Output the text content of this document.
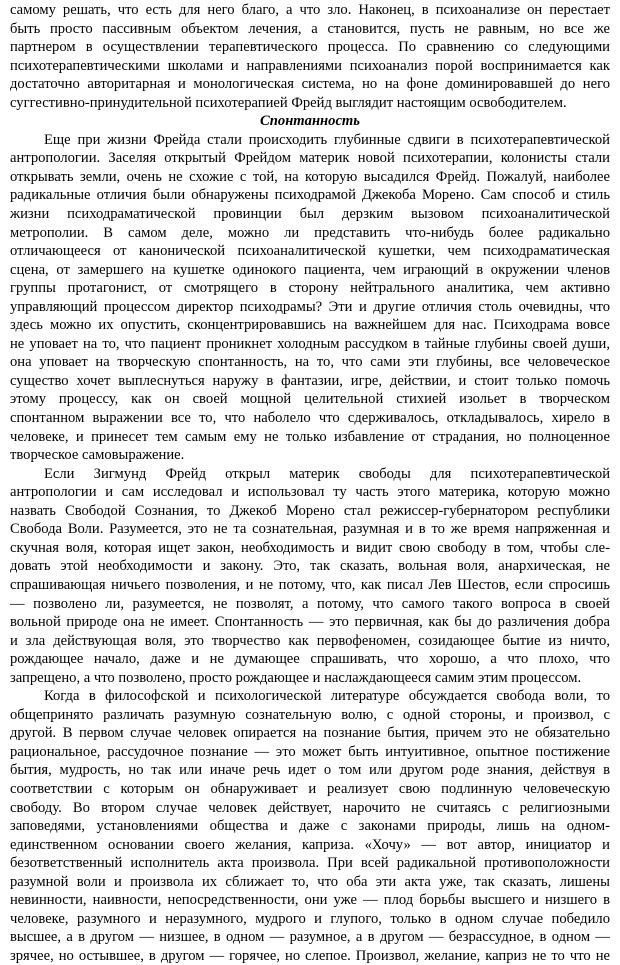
самому решать, что есть для него благо, а что зло. Наконец, в психоанализе он перестает
быть просто пассивным объектом лечения, а становится, пусть не равным, но все же
партнером в осуществлении терапевтического процесса. По сравнению со следующими
психотерапевтическими школами и направлениями психоанализ порой воспринимается как
достаточно авторитарная и монологическая система, но на фоне доминировавшей до него
суггестивно-принудительной психотерапией Фрейд выглядит настоящим освободителем.
Спонтанность
Еще при жизни Фрейда стали происходить глубинные сдвиги в психотерапевтической
антропологии. Заселяя открытый Фрейдом материк новой психотерапии, колонисты стали
открывать земли, очень не схожие с той, на которую высадился Фрейд. Пожалуй, наиболее
радикальные отличия были обнаружены психодрамой Джекоба Морено. Сам способ и стиль
жизни психодраматической провинции был дерзким вызовом психоаналитической
метрополии. В самом деле, можно ли представить что-нибудь более радикально
отличающееся от канонической психоаналитической кушетки, чем психодраматическая
сцена, от замершего на кушетке одинокого пациента, чем играющий в окружении членов
группы протагонист, от смотрящего в сторону нейтрального аналитика, чем активно
управляющий процессом директор психодрамы? Эти и другие отличия столь очевидны, что
здесь можно их опустить, сконцентрировавшись на важнейшем для нас. Психодрама вовсе
не уповает на то, что пациент проникнет холодным рассудком в тайные глубины своей души,
она уповает на творческую спонтанность, на то, что сами эти глубины, все человеческое
существо хочет выплеснуться наружу в фантазии, игре, действии, и стоит только помочь
этому процессу, как он своей мощной целительной стихией изольет в творческом
спонтанном выражении все то, что наболело что сдерживалось, откладывалось, хирело в
человеке, и принесет тем самым ему не только избавление от страдания, но полноценное
творческое самовыражение.
Если Зигмунд Фрейд открыл материк свободы для психотерапевтической
антропологии и сам исследовал и использовал ту часть этого материка, которую можно
назвать Свободой Сознания, то Джекоб Морено стал режиссер-губернатором республики
Свобода Воли. Разумеется, это не та сознательная, разумная и в то же время напряженная и
скучная воля, которая ищет закон, необходимость и видит свою свободу в том, чтобы сле-
довать этой необходимости и закону. Это, так сказать, вольная воля, анархическая, не
спрашивающая ничьего позволения, и не потому, что, как писал Лев Шестов, если спросишь
— позволено ли, разумеется, не позволят, а потому, что самого такого вопроса в своей
вольной природе она не имеет. Спонтанность — это первичная, как бы до различения добра
и зла действующая воля, это творчество как первофеномен, созидающее бытие из ничто,
рождающее начало, даже и не думающее спрашивать, что хорошо, а что плохо, что
запрещено, а что позволено, просто рождающее и наслаждающееся самим этим процессом.
Когда в философской и психологической литературе обсуждается свобода воли, то
общепринято различать разумную сознательную волю, с одной стороны, и произвол, с
другой. В первом случае человек опирается на познание бытия, причем это не обязательно
рациональное, рассудочное познание — это может быть интуитивное, опытное постижение
бытия, мудрость, но так или иначе речь идет о том или другом роде знания, действуя в
соответствии с которым он обнаруживает и реализует свою подлинную человеческую
свободу. Во втором случае человек действует, нарочито не считаясь с религиозными
заповедями, установлениями общества и даже с законами природы, лишь на одном-
единственном основании своего желания, каприза. «Хочу» — вот автор, инициатор и
безответственный исполнитель акта произвола. При всей радикальной противоположности
разумной воли и произвола их сближает то, что оба эти акта уже, так сказать, лишены
невинности, наивности, непосредственности, они уже — плод борьбы высшего и низшего в
человеке, разумного и неразумного, мудрого и глупого, только в одном случае победило
высшее, а в другом — низшее, в одном — разумное, а в другом — безрассудное, в одном —
зрячее, но остывшее, в другом — горячее, но слепое. Произвол, желание, каприз не то что не
